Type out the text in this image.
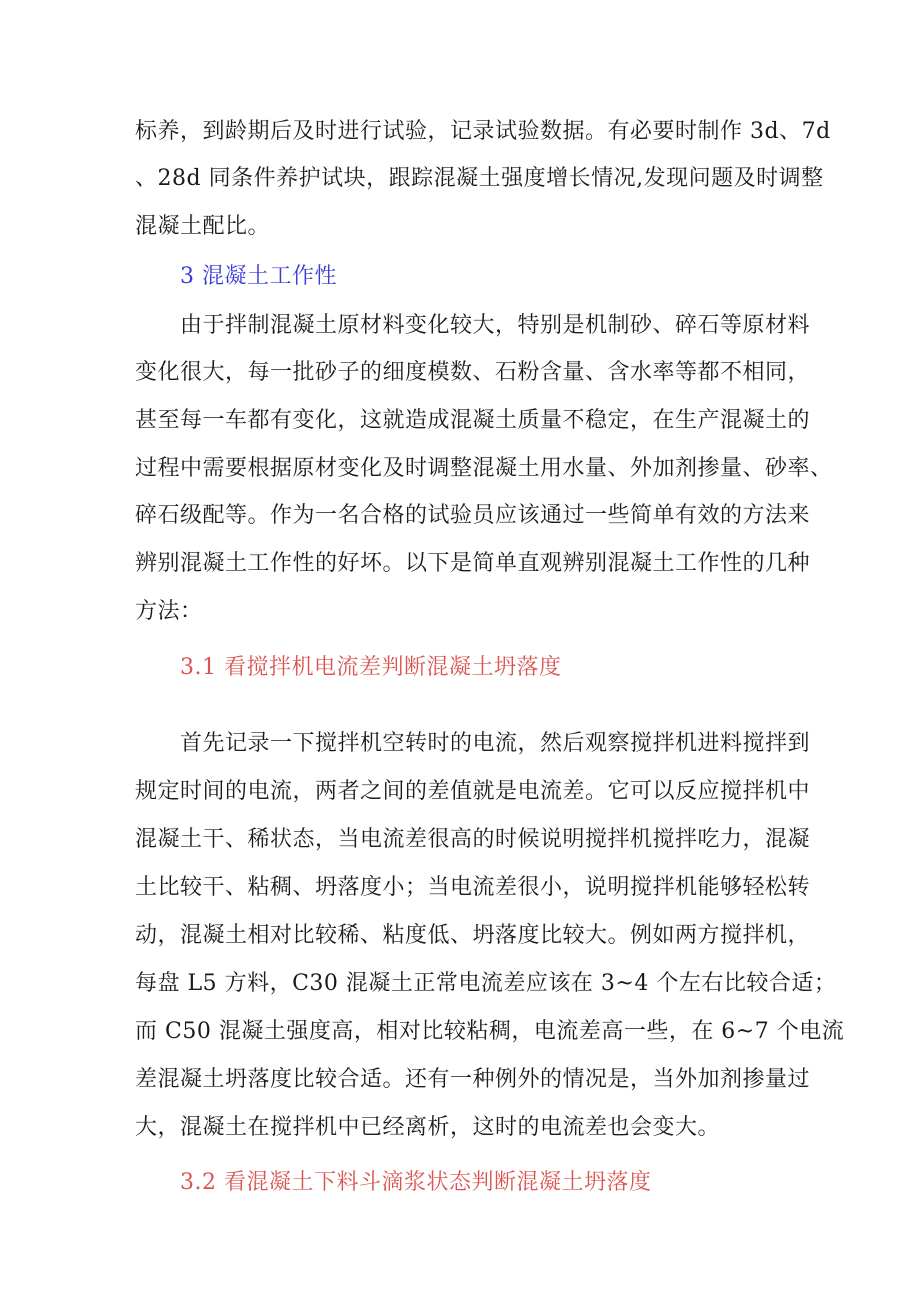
标养，到龄期后及时进行试验，记录试验数据。有必要时制作 3d、7d
、28d 同条件养护试块，跟踪混凝土强度增长情况,发现问题及时调整
混凝土配比。
3 混凝土工作性
由于拌制混凝土原材料变化较大，特别是机制砂、碎石等原材料
变化很大，每一批砂子的细度模数、石粉含量、含水率等都不相同，
甚至每一车都有变化，这就造成混凝土质量不稳定，在生产混凝土的
过程中需要根据原材变化及时调整混凝土用水量、外加剂掺量、砂率、
碎石级配等。作为一名合格的试验员应该通过一些简单有效的方法来
辨别混凝土工作性的好坏。以下是简单直观辨别混凝土工作性的几种
方法：
3.1 看搅拌机电流差判断混凝土坍落度
首先记录一下搅拌机空转时的电流，然后观察搅拌机进料搅拌到
规定时间的电流，两者之间的差值就是电流差。它可以反应搅拌机中
混凝土干、稀状态，当电流差很高的时候说明搅拌机搅拌吃力，混凝
土比较干、粘稠、坍落度小；当电流差很小，说明搅拌机能够轻松转
动，混凝土相对比较稀、粘度低、坍落度比较大。例如两方搅拌机，
每盘 L5 方料，C30 混凝土正常电流差应该在 3~4 个左右比较合适；
而 C50 混凝土强度高，相对比较粘稠，电流差高一些，在 6~7 个电流
差混凝土坍落度比较合适。还有一种例外的情况是，当外加剂掺量过
大，混凝土在搅拌机中已经离析，这时的电流差也会变大。
3.2 看混凝土下料斗滴浆状态判断混凝土坍落度
